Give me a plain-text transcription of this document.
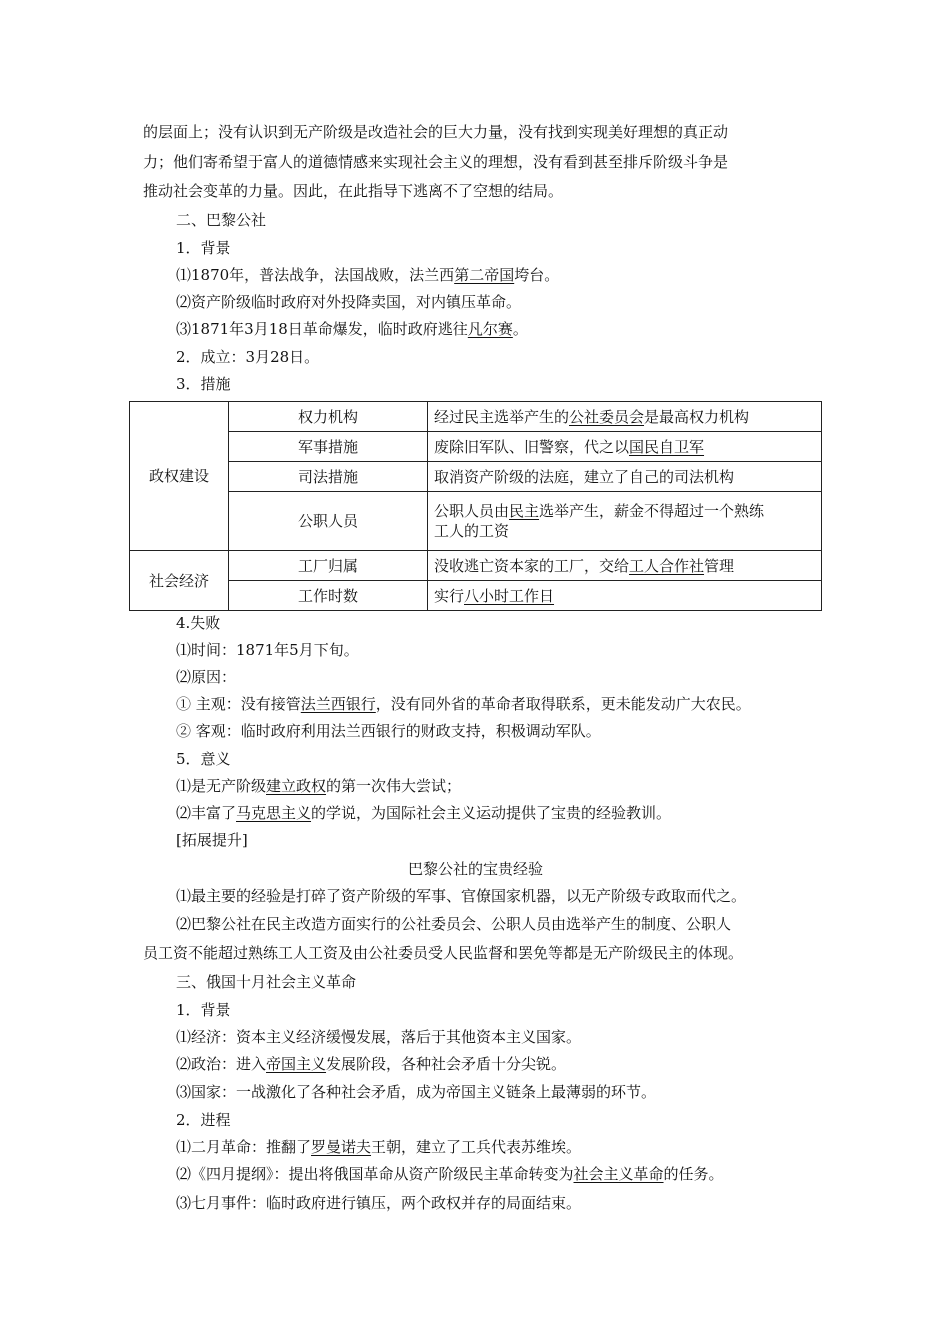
的层面上；没有认识到无产阶级是改造社会的巨大力量，没有找到实现美好理想的真正动
力；他们寄希望于富人的道德情感来实现社会主义的理想，没有看到甚至排斥阶级斗争是
推动社会变革的力量。因此，在此指导下逃离不了空想的结局。
二、巴黎公社
1．背景
⑴1870年，普法战争，法国战败，法兰西第二帝国垮台。
⑵资产阶级临时政府对外投降卖国，对内镇压革命。
⑶1871年3月18日革命爆发，临时政府逃往凡尔赛。
2．成立：3月28日。
3．措施
政权建设	权力机构	经过民主选举产生的公社委员会是最高权力机构
	军事措施	废除旧军队、旧警察，代之以国民自卫军
	司法措施	取消资产阶级的法庭，建立了自己的司法机构
	公职人员	公职人员由民主选举产生，薪金不得超过一个熟练
工人的工资
社会经济	工厂归属	没收逃亡资本家的工厂，交给工人合作社管理
	工作时数	实行八小时工作日
4.失败
⑴时间：1871年5月下旬。
⑵原因：
① 主观：没有接管法兰西银行，没有同外省的革命者取得联系，更未能发动广大农民。
② 客观：临时政府利用法兰西银行的财政支持，积极调动军队。
5．意义
⑴是无产阶级建立政权的第一次伟大尝试；
⑵丰富了马克思主义的学说，为国际社会主义运动提供了宝贵的经验教训。
[拓展提升]
巴黎公社的宝贵经验
⑴最主要的经验是打碎了资产阶级的军事、官僚国家机器，以无产阶级专政取而代之。
⑵巴黎公社在民主改造方面实行的公社委员会、公职人员由选举产生的制度、公职人
员工资不能超过熟练工人工资及由公社委员受人民监督和罢免等都是无产阶级民主的体现。
三、俄国十月社会主义革命
1．背景
⑴经济：资本主义经济缓慢发展，落后于其他资本主义国家。
⑵政治：进入帝国主义发展阶段，各种社会矛盾十分尖锐。
⑶国家：一战激化了各种社会矛盾，成为帝国主义链条上最薄弱的环节。
2．进程
⑴二月革命：推翻了罗曼诺夫王朝，建立了工兵代表苏维埃。
⑵《四月提纲》：提出将俄国革命从资产阶级民主革命转变为社会主义革命的任务。
⑶七月事件：临时政府进行镇压，两个政权并存的局面结束。
